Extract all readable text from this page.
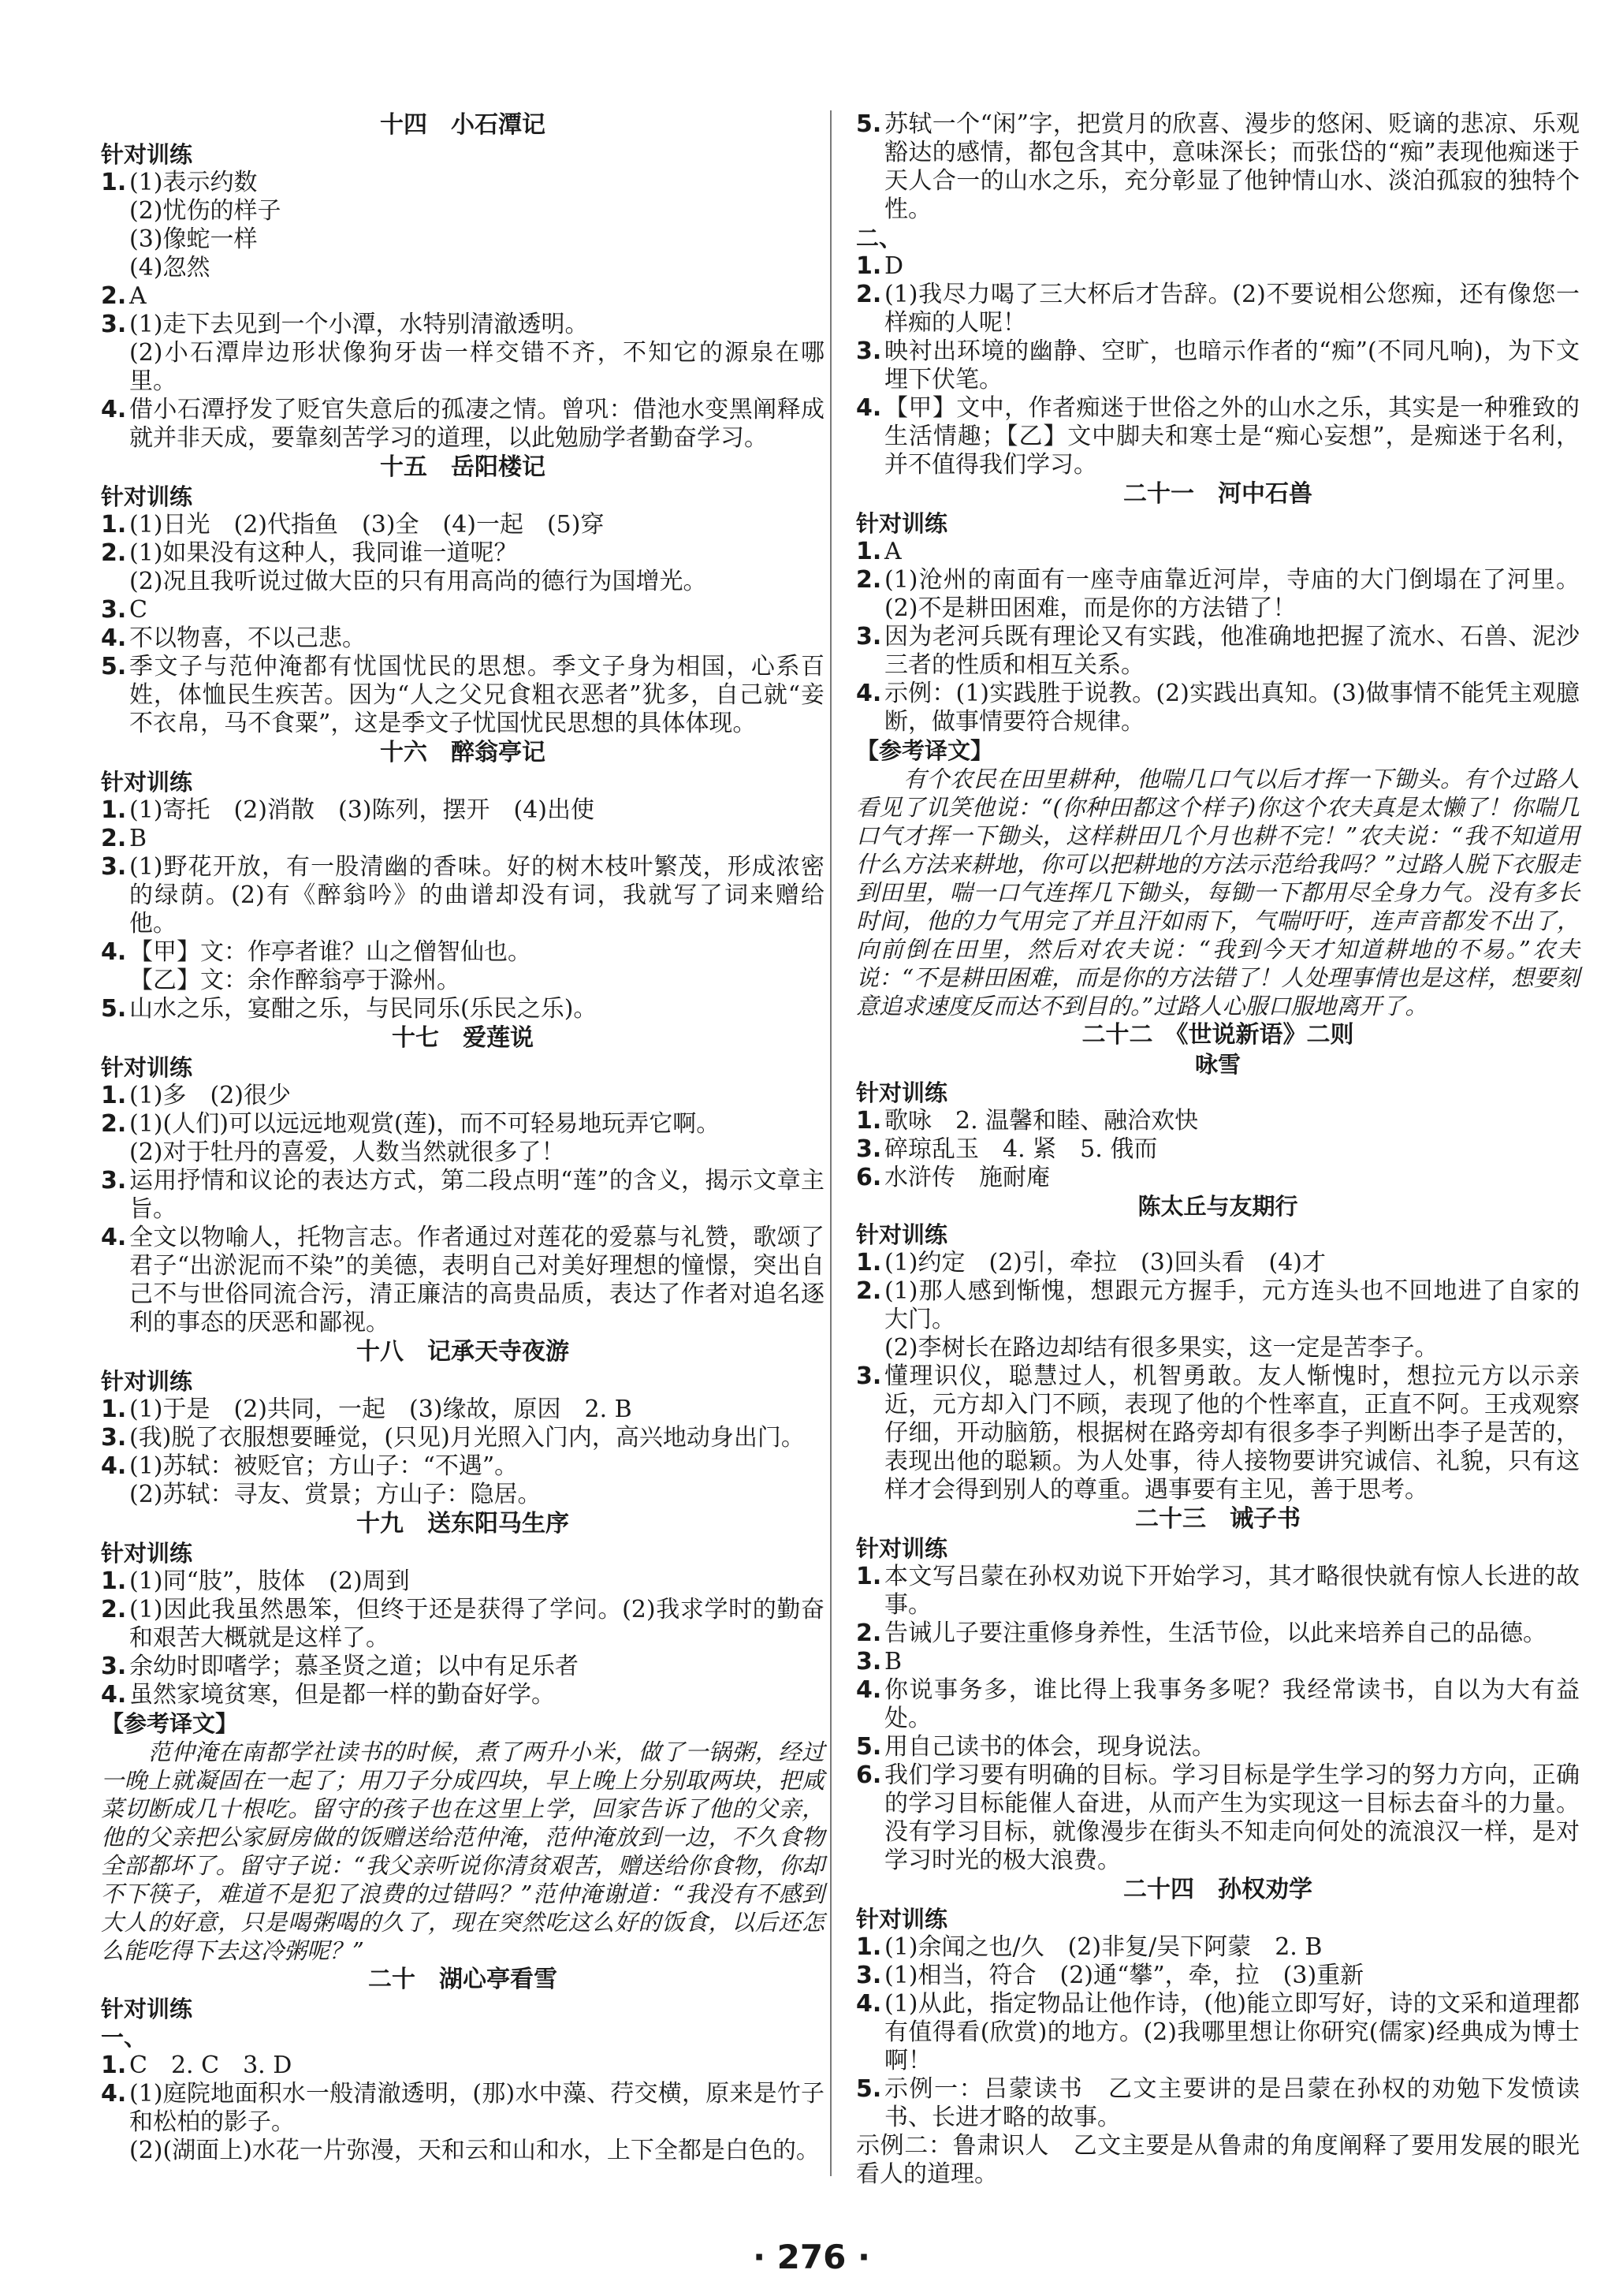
十四　小石潭记

针对训练

1. (1)表示约数

(2)忧伤的样子

(3)像蛇一样

(4)忽然

2. A
3. (1)走下去见到一个小潭，水特别清澈透明。

(2)小石潭岸边形状像狗牙齿一样交错不齐，不知它的源泉在哪里。

4. 借小石潭抒发了贬官失意后的孤凄之情。曾巩：借池水变黑阐释成就并非天成，要靠刻苦学习的道理，以此勉励学者勤奋学习。

十五　岳阳楼记

针对训练

1. (1)日光　(2)代指鱼　(3)全　(4)一起　(5)穿
2. (1)如果没有这种人，我同谁一道呢？

(2)况且我听说过做大臣的只有用高尚的德行为国增光。

3. C
4. 不以物喜，不以己悲。
5. 季文子与范仲淹都有忧国忧民的思想。季文子身为相国，心系百姓，体恤民生疾苦。因为“人之父兄食粗衣恶者”犹多，自己就“妾不衣帛，马不食粟”，这是季文子忧国忧民思想的具体体现。

十六　醉翁亭记

针对训练

1. (1)寄托　(2)消散　(3)陈列，摆开　(4)出使
2. B
3. (1)野花开放，有一股清幽的香味。好的树木枝叶繁茂，形成浓密的绿荫。(2)有《醉翁吟》的曲谱却没有词，我就写了词来赠给他。
4. 【甲】文：作亭者谁？山之僧智仙也。

【乙】文：余作醉翁亭于滁州。

5. 山水之乐，宴酣之乐，与民同乐(乐民之乐)。

十七　爱莲说

针对训练

1. (1)多　(2)很少
2. (1)(人们)可以远远地观赏(莲)，而不可轻易地玩弄它啊。

(2)对于牡丹的喜爱，人数当然就很多了！

3. 运用抒情和议论的表达方式，第二段点明“莲”的含义，揭示文章主旨。
4. 全文以物喻人，托物言志。作者通过对莲花的爱慕与礼赞，歌颂了君子“出淤泥而不染”的美德，表明自己对美好理想的憧憬，突出自己不与世俗同流合污，清正廉洁的高贵品质，表达了作者对追名逐利的事态的厌恶和鄙视。

十八　记承天寺夜游

针对训练

1. (1)于是　(2)共同，一起　(3)缘故，原因　2. B
3. (我)脱了衣服想要睡觉，(只见)月光照入门内，高兴地动身出门。
4. (1)苏轼：被贬官；方山子：“不遇”。

(2)苏轼：寻友、赏景；方山子：隐居。

十九　送东阳马生序

针对训练

1. (1)同“肢”，肢体　(2)周到
2. (1)因此我虽然愚笨，但终于还是获得了学问。(2)我求学时的勤奋和艰苦大概就是这样了。
3. 余幼时即嗜学；慕圣贤之道；以中有足乐者
4. 虽然家境贫寒，但是都一样的勤奋好学。

【参考译文】

范仲淹在南都学社读书的时候，煮了两升小米，做了一锅粥，经过一晚上就凝固在一起了；用刀子分成四块，早上晚上分别取两块，把咸菜切断成几十根吃。留守的孩子也在这里上学，回家告诉了他的父亲，他的父亲把公家厨房做的饭赠送给范仲淹，范仲淹放到一边，不久食物全部都坏了。留守子说：“我父亲听说你清贫艰苦，赠送给你食物，你却不下筷子，难道不是犯了浪费的过错吗？”范仲淹谢道：“我没有不感到大人的好意，只是喝粥喝的久了，现在突然吃这么好的饭食，以后还怎么能吃得下去这冷粥呢？”

二十　湖心亭看雪

针对训练

一、

1. C　2. C　3. D
4. (1)庭院地面积水一般清澈透明，(那)水中藻、荇交横，原来是竹子和松柏的影子。

(2)(湖面上)水花一片弥漫，天和云和山和水，上下全都是白色的。

5. 苏轼一个“闲”字，把赏月的欣喜、漫步的悠闲、贬谪的悲凉、乐观豁达的感情，都包含其中，意味深长；而张岱的“痴”表现他痴迷于天人合一的山水之乐，充分彰显了他钟情山水、淡泊孤寂的独特个性。

二、

1. D
2. (1)我尽力喝了三大杯后才告辞。(2)不要说相公您痴，还有像您一样痴的人呢！
3. 映衬出环境的幽静、空旷，也暗示作者的“痴”(不同凡响)，为下文埋下伏笔。
4. 【甲】文中，作者痴迷于世俗之外的山水之乐，其实是一种雅致的生活情趣；【乙】文中脚夫和寒士是“痴心妄想”，是痴迷于名利，并不值得我们学习。

二十一　河中石兽

针对训练

1. A
2. (1)沧州的南面有一座寺庙靠近河岸，寺庙的大门倒塌在了河里。(2)不是耕田困难，而是你的方法错了！
3. 因为老河兵既有理论又有实践，他准确地把握了流水、石兽、泥沙三者的性质和相互关系。
4. 示例：(1)实践胜于说教。(2)实践出真知。(3)做事情不能凭主观臆断，做事情要符合规律。

【参考译文】

有个农民在田里耕种，他喘几口气以后才挥一下锄头。有个过路人看见了讥笑他说：“(你种田都这个样子)你这个农夫真是太懒了！你喘几口气才挥一下锄头，这样耕田几个月也耕不完！”农夫说：“我不知道用什么方法来耕地，你可以把耕地的方法示范给我吗？”过路人脱下衣服走到田里，喘一口气连挥几下锄头，每锄一下都用尽全身力气。没有多长时间，他的力气用完了并且汗如雨下，气喘吁吁，连声音都发不出了，向前倒在田里，然后对农夫说：“我到今天才知道耕地的不易。”农夫说：“不是耕田困难，而是你的方法错了！人处理事情也是这样，想要刻意追求速度反而达不到目的。”过路人心服口服地离开了。

二十二　《世说新语》二则

咏雪

针对训练

1. 歌咏　2. 温馨和睦、融洽欢快
3. 碎琼乱玉　4. 紧　5. 俄而
6. 水浒传　施耐庵

陈太丘与友期行

针对训练

1. (1)约定　(2)引，牵拉　(3)回头看　(4)才
2. (1)那人感到惭愧，想跟元方握手，元方连头也不回地进了自家的大门。

(2)李树长在路边却结有很多果实，这一定是苦李子。

3. 懂理识仪，聪慧过人，机智勇敢。友人惭愧时，想拉元方以示亲近，元方却入门不顾，表现了他的个性率直，正直不阿。王戎观察仔细，开动脑筋，根据树在路旁却有很多李子判断出李子是苦的，表现出他的聪颖。为人处事，待人接物要讲究诚信、礼貌，只有这样才会得到别人的尊重。遇事要有主见，善于思考。

二十三　诫子书

针对训练

1. 本文写吕蒙在孙权劝说下开始学习，其才略很快就有惊人长进的故事。
2. 告诫儿子要注重修身养性，生活节俭，以此来培养自己的品德。
3. B
4. 你说事务多，谁比得上我事务多呢？我经常读书，自以为大有益处。
5. 用自己读书的体会，现身说法。
6. 我们学习要有明确的目标。学习目标是学生学习的努力方向，正确的学习目标能催人奋进，从而产生为实现这一目标去奋斗的力量。没有学习目标，就像漫步在街头不知走向何处的流浪汉一样，是对学习时光的极大浪费。

二十四　孙权劝学

针对训练

1. (1)余闻之也/久　(2)非复/吴下阿蒙　2. B
3. (1)相当，符合　(2)通“攀”，牵，拉　(3)重新
4. (1)从此，指定物品让他作诗，(他)能立即写好，诗的文采和道理都有值得看(欣赏)的地方。(2)我哪里想让你研究(儒家)经典成为博士啊！
5. 示例一：吕蒙读书　乙文主要讲的是吕蒙在孙权的劝勉下发愤读书、长进才略的故事。

示例二：鲁肃识人　乙文主要是从鲁肃的角度阐释了要用发展的眼光看人的道理。

· 276 ·
